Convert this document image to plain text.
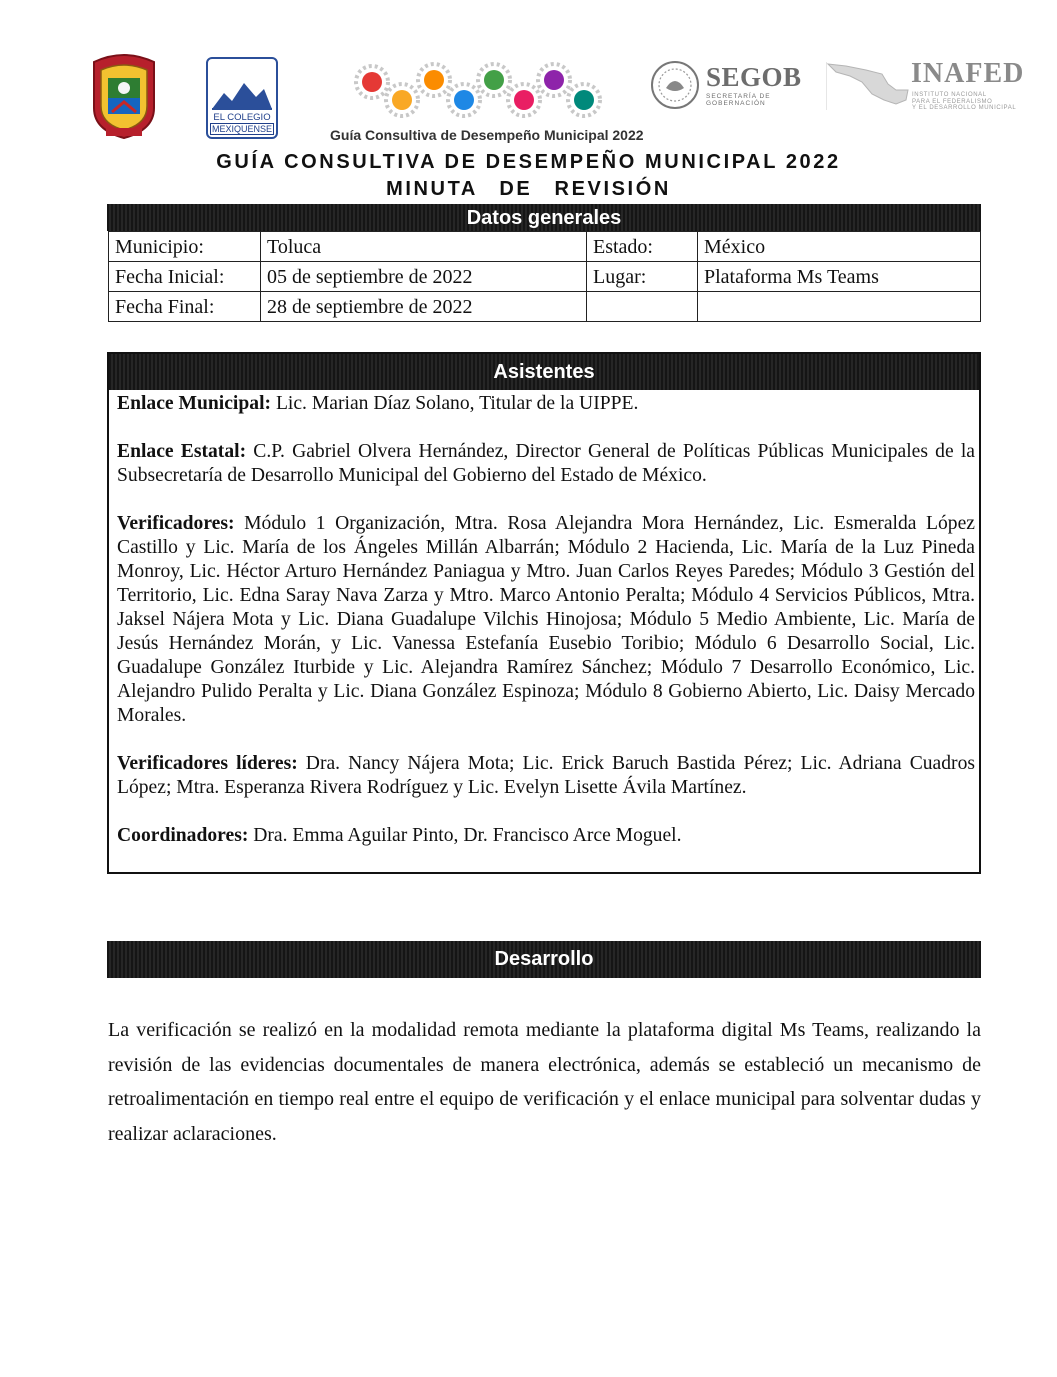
EL COLEGIO
MEXIQUENSE
SEGOB
SECRETARÍA DE
GOBERNACIÓN
INAFED
INSTITUTO NACIONAL
PARA EL FEDERALISMO
Y EL DESARROLLO MUNICIPAL
Guía Consultiva de Desempeño Municipal 2022
GUÍA CONSULTIVA DE DESEMPEÑO MUNICIPAL 2022
MINUTA DE REVISIÓN
Datos generales
Municipio:	Toluca	Estado:	México
Fecha Inicial:	05 de septiembre de 2022	Lugar:	Plataforma Ms Teams
Fecha Final:	28 de septiembre de 2022		
Asistentes

Enlace Municipal: Lic. Marian Díaz Solano, Titular de la UIPPE.

Enlace Estatal: C.P. Gabriel Olvera Hernández, Director General de Políticas Públicas Municipales de la Subsecretaría de Desarrollo Municipal del Gobierno del Estado de México.

Verificadores: Módulo 1 Organización, Mtra. Rosa Alejandra Mora Hernández, Lic. Esmeralda López Castillo y Lic. María de los Ángeles Millán Albarrán; Módulo 2 Hacienda, Lic. María de la Luz Pineda Monroy, Lic. Héctor Arturo Hernández Paniagua y Mtro. Juan Carlos Reyes Paredes; Módulo 3 Gestión del Territorio, Lic. Edna Saray Nava Zarza y Mtro. Marco Antonio Peralta; Módulo 4 Servicios Públicos, Mtra. Jaksel Nájera Mota y Lic. Diana Guadalupe Vilchis Hinojosa; Módulo 5 Medio Ambiente, Lic. María de Jesús Hernández Morán, y Lic. Vanessa Estefanía Eusebio Toribio; Módulo 6 Desarrollo Social, Lic. Guadalupe González Iturbide y Lic. Alejandra Ramírez Sánchez; Módulo 7 Desarrollo Económico, Lic. Alejandro Pulido Peralta y Lic. Diana González Espinoza; Módulo 8 Gobierno Abierto, Lic. Daisy Mercado Morales.

Verificadores líderes: Dra. Nancy Nájera Mota; Lic. Erick Baruch Bastida Pérez; Lic. Adriana Cuadros López; Mtra. Esperanza Rivera Rodríguez y Lic. Evelyn Lisette Ávila Martínez.

Coordinadores: Dra. Emma Aguilar Pinto, Dr. Francisco Arce Moguel.

Desarrollo
La verificación se realizó en la modalidad remota mediante la plataforma digital Ms Teams, realizando la revisión de las evidencias documentales de manera electrónica, además se estableció un mecanismo de retroalimentación en tiempo real entre el equipo de verificación y el enlace municipal para solventar dudas y realizar aclaraciones.
